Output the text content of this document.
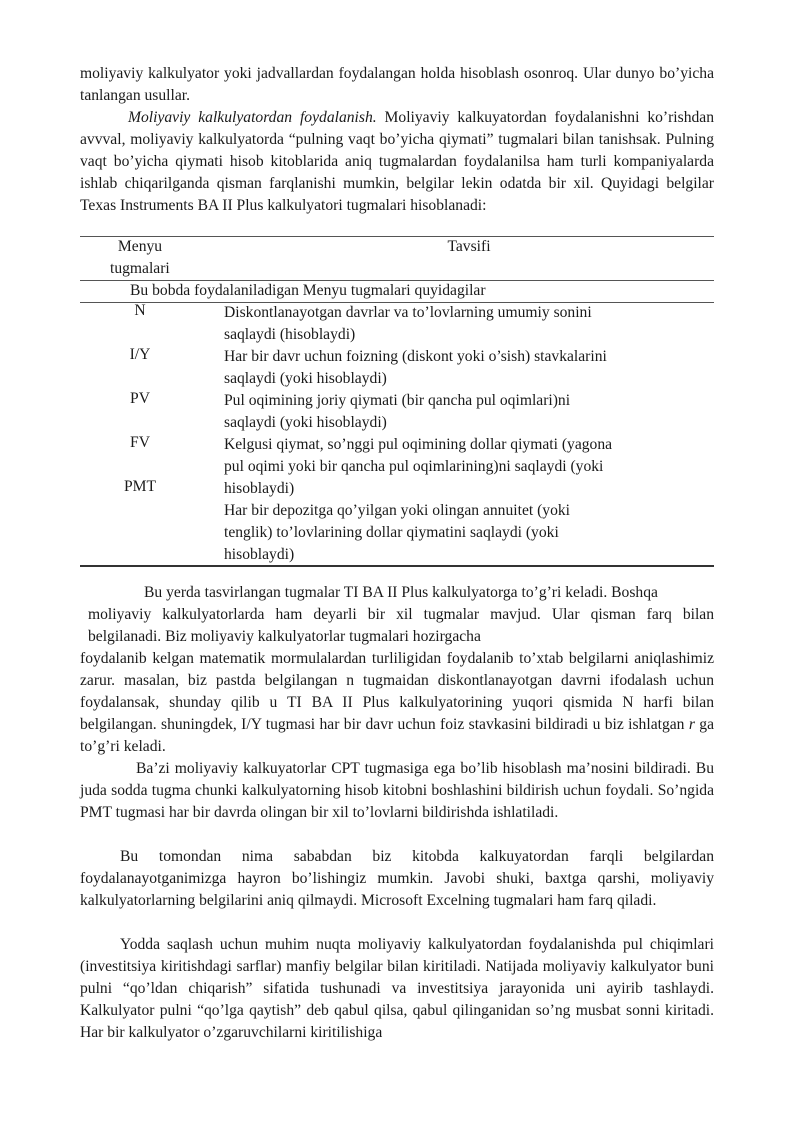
moliyaviy kalkulyator yoki jadvallardan foydalangan holda hisoblash osonroq. Ular dunyo bo’yicha tanlangan usullar.

Moliyaviy kalkulyatordan foydalanish. Moliyaviy kalkuyatordan foydalanishni ko’rishdan avvval, moliyaviy kalkulyatorda “pulning vaqt bo’yicha qiymati” tugmalari bilan tanishsak. Pulning vaqt bo’yicha qiymati hisob kitoblarida aniq tugmalardan foydalanilsa ham turli kompaniyalarda ishlab chiqarilganda qisman farqlanishi mumkin, belgilar lekin odatda bir xil. Quyidagi belgilar Texas Instruments BA II Plus kalkulyatori tugmalari hisoblanadi:

Menyu
tugmalari
Tavsifi
Bu bobda foydalaniladigan Menyu tugmalari quyidagilar
N
I/Y
PV
FV
PMT
Diskontlanayotgan davrlar va to’lovlarning umumiy sonini
saqlaydi (hisoblaydi)
Har bir davr uchun foizning (diskont yoki o’sish) stavkalarini
saqlaydi (yoki hisoblaydi)
Pul oqimining joriy qiymati (bir qancha pul oqimlari)ni
saqlaydi (yoki hisoblaydi)
Kelgusi qiymat, so’nggi pul oqimining dollar qiymati (yagona
pul oqimi yoki bir qancha pul oqimlarining)ni saqlaydi (yoki
hisoblaydi)
Har bir depozitga qo’yilgan yoki olingan annuitet (yoki
tenglik) to’lovlarining dollar qiymatini saqlaydi (yoki
hisoblaydi)

Bu yerda tasvirlangan tugmalar TI BA II Plus kalkulyatorga to’g’ri keladi. Boshqa

moliyaviy kalkulyatorlarda ham deyarli bir xil tugmalar mavjud. Ular qisman farq bilan

belgilanadi. Biz moliyaviy kalkulyatorlar tugmalari hozirgacha

foydalanib kelgan matematik mormulalardan turliligidan foydalanib to’xtab belgilarni aniqlashimiz zarur. masalan, biz pastda belgilangan n tugmaidan diskontlanayotgan davrni ifodalash uchun foydalansak, shunday qilib u TI BA II Plus kalkulyatorining yuqori qismida N harfi bilan belgilangan. shuningdek, I/Y tugmasi har bir davr uchun foiz stavkasini bildiradi u biz ishlatgan r ga to’g’ri keladi.

Ba’zi moliyaviy kalkuyatorlar CPT tugmasiga ega bo’lib hisoblash ma’nosini bildiradi. Bu juda sodda tugma chunki kalkulyatorning hisob kitobni boshlashini bildirish uchun foydali. So’ngida PMT tugmasi har bir davrda olingan bir xil to’lovlarni bildirishda ishlatiladi.

Bu tomondan nima sababdan biz kitobda kalkuyatordan farqli belgilardan foydalanayotganimizga hayron bo’lishingiz mumkin. Javobi shuki, baxtga qarshi, moliyaviy kalkulyatorlarning belgilarini aniq qilmaydi. Microsoft Excelning tugmalari ham farq qiladi.

Yodda saqlash uchun muhim nuqta moliyaviy kalkulyatordan foydalanishda pul chiqimlari (investitsiya kiritishdagi sarflar) manfiy belgilar bilan kiritiladi. Natijada moliyaviy kalkulyator buni pulni “qo’ldan chiqarish” sifatida tushunadi va investitsiya jarayonida uni ayirib tashlaydi. Kalkulyator pulni “qo’lga qaytish” deb qabul qilsa, qabul qilinganidan so’ng musbat sonni kiritadi. Har bir kalkulyator o’zgaruvchilarni kiritilishiga
